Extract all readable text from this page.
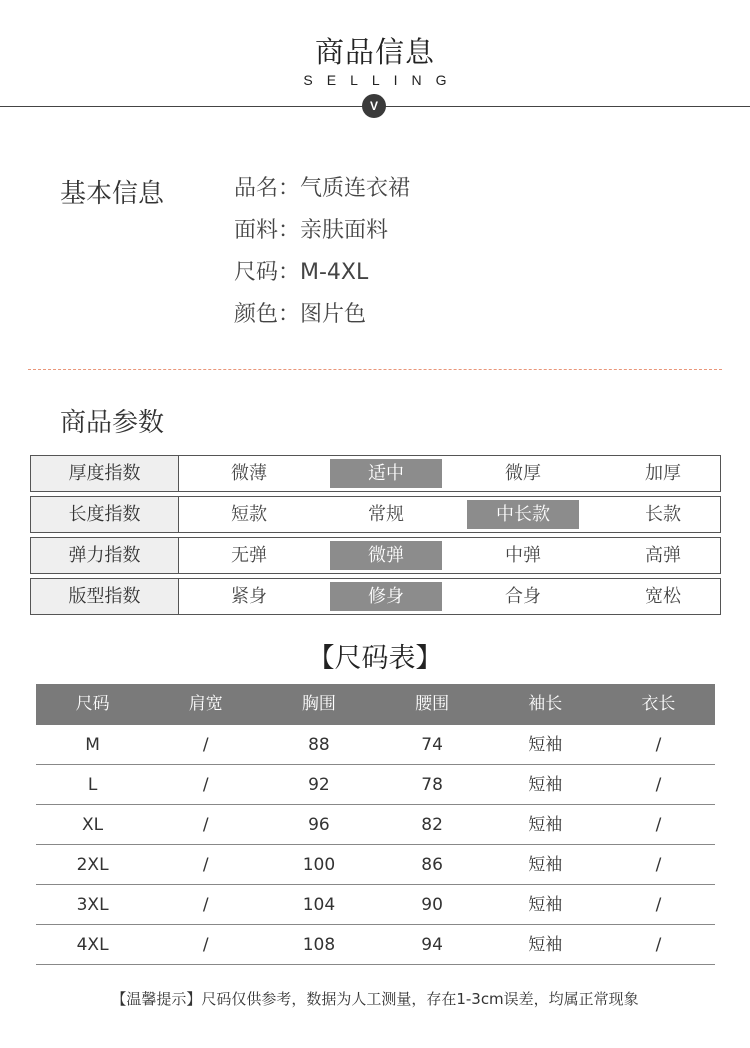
商品信息
SELLING
V
基本信息	品名：气质连衣裙
面料：亲肤面料
尺码：M-4XL
颜色：图片色
商品参数
厚度指数	微薄	适中	微厚	加厚
长度指数	短款	常规	中长款	长款
弹力指数	无弹	微弹	中弹	高弹
版型指数	紧身	修身	合身	宽松
【尺码表】
尺码	肩宽	胸围	腰围	袖长	衣长
M	/	88	74	短袖	/
L	/	92	78	短袖	/
XL	/	96	82	短袖	/
2XL	/	100	86	短袖	/
3XL	/	104	90	短袖	/
4XL	/	108	94	短袖	/
【温馨提示】尺码仅供参考，数据为人工测量，存在1-3cm误差，均属正常现象
